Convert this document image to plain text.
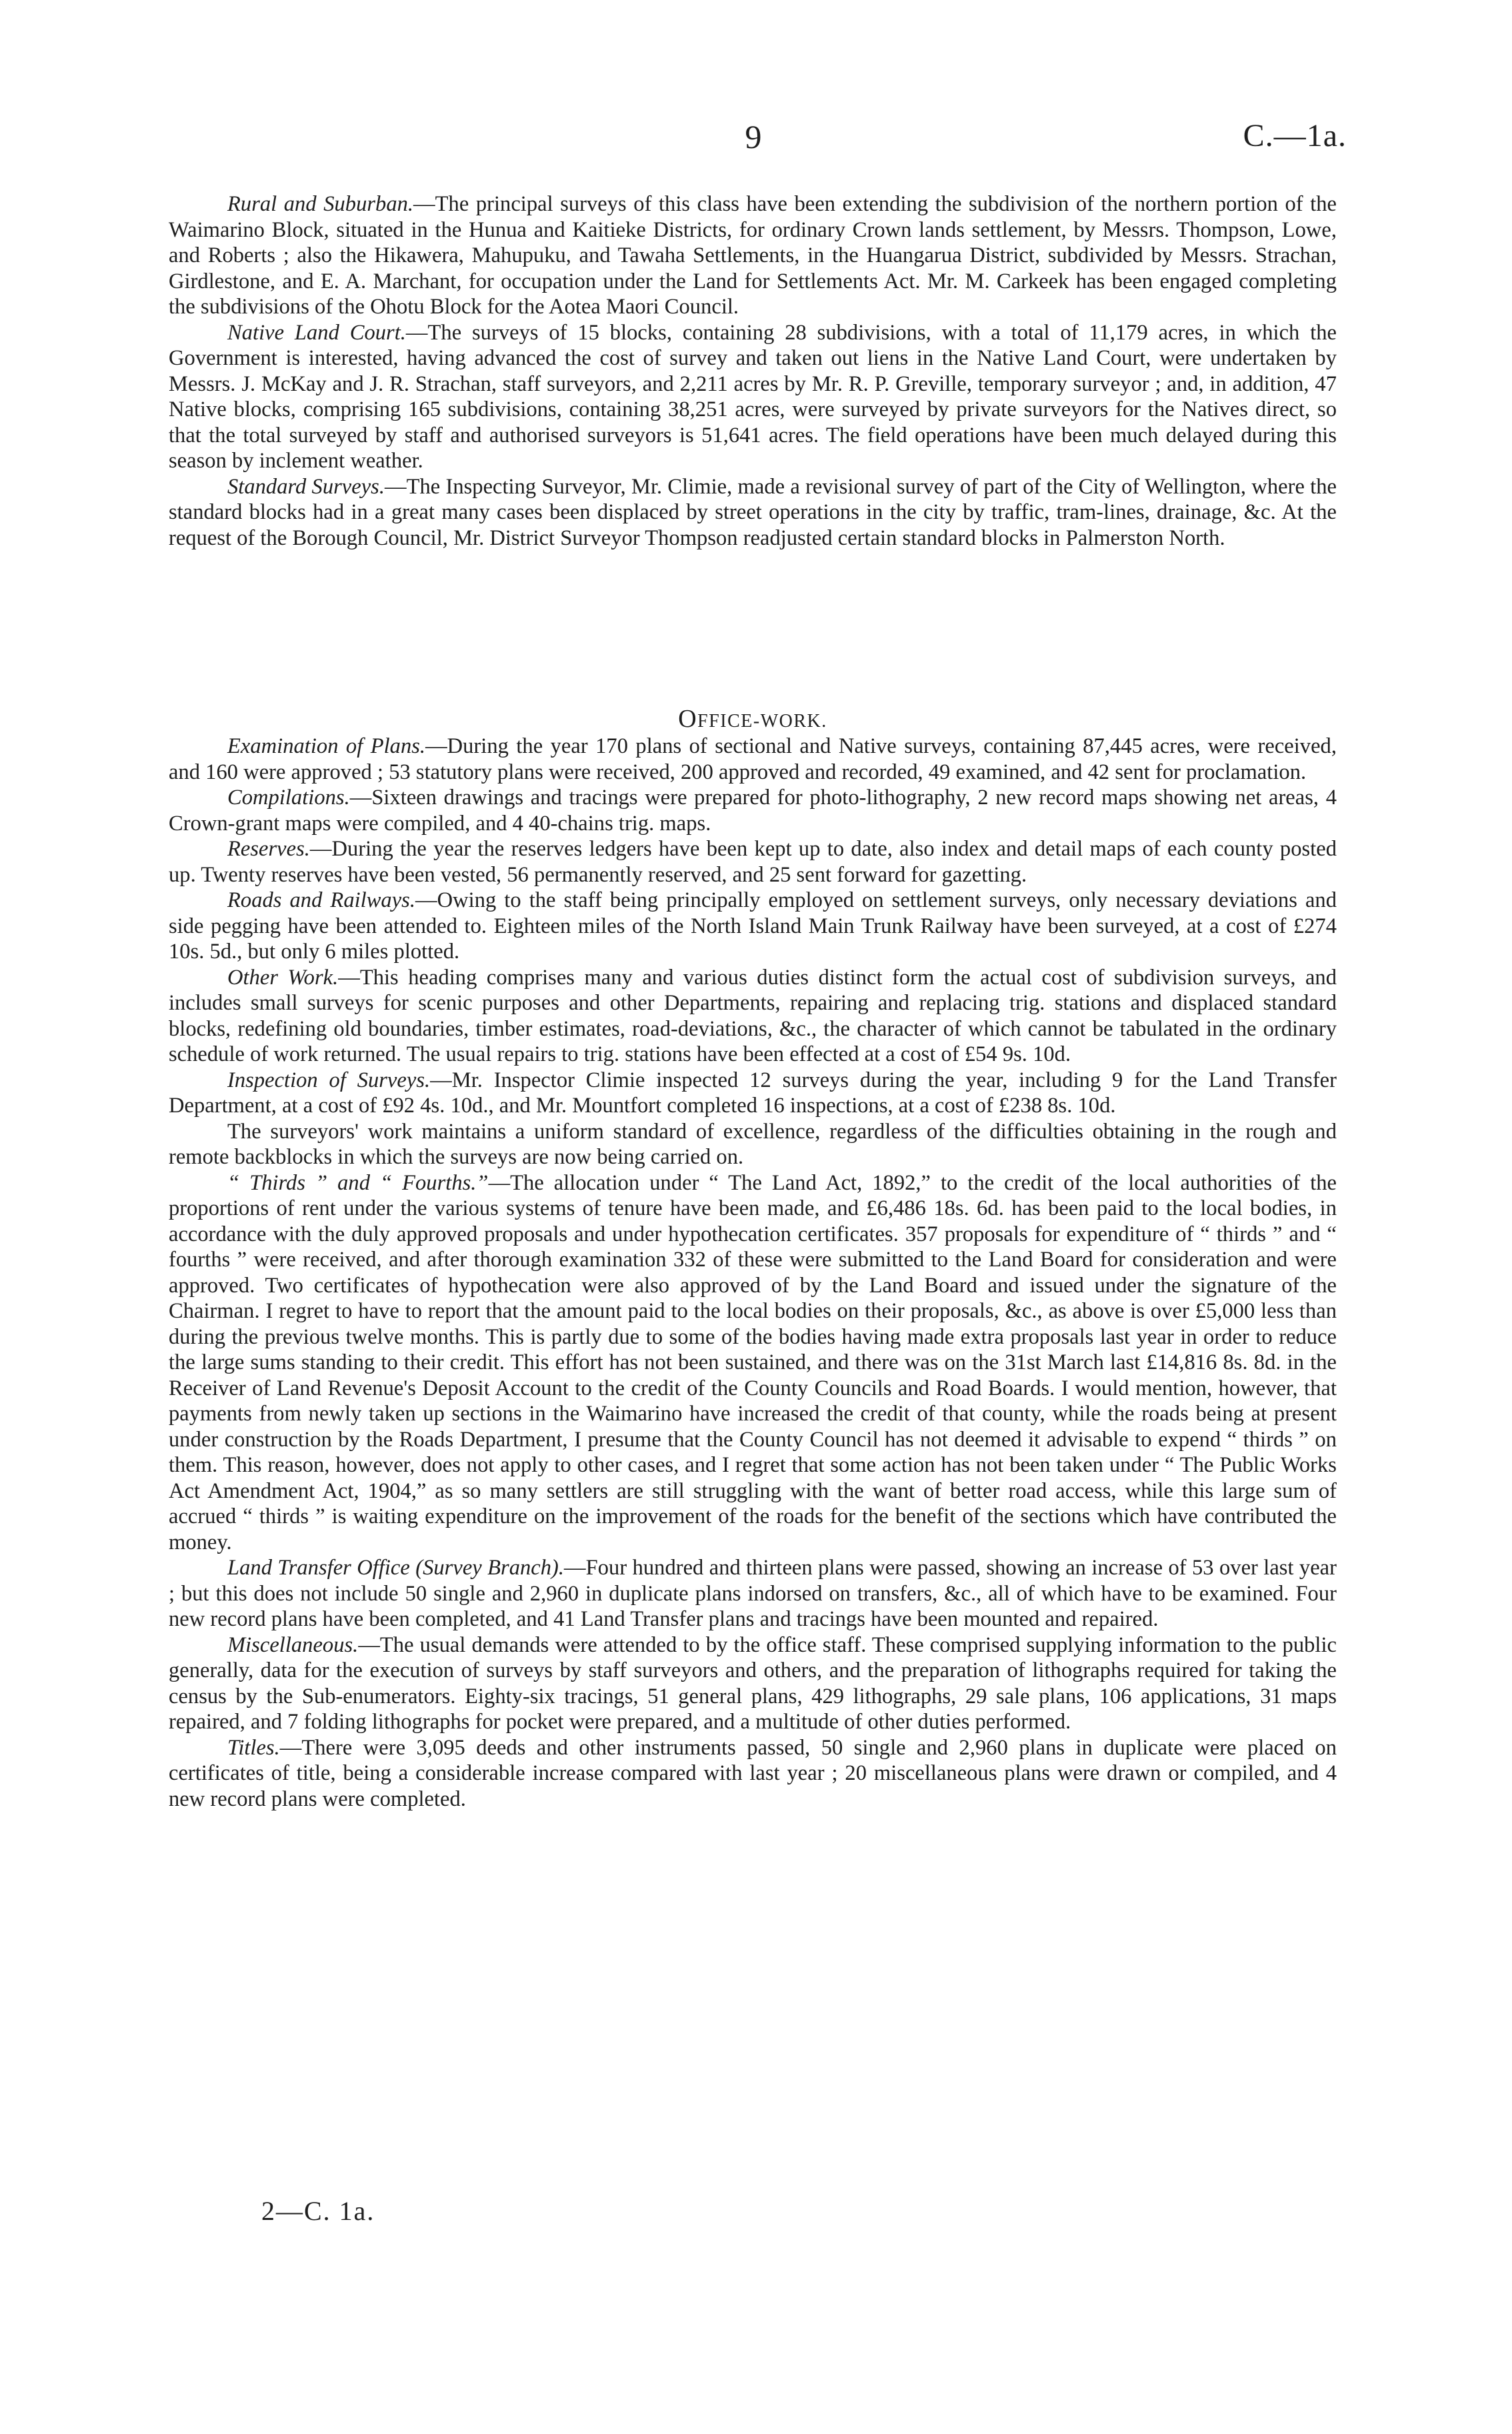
9	C.—1a.

Rural and Suburban.—The principal surveys of this class have been extending the subdivision of the northern portion of the Waimarino Block, situated in the Hunua and Kaitieke Districts, for ordinary Crown lands settlement, by Messrs. Thompson, Lowe, and Roberts ; also the Hikawera, Mahupuku, and Tawaha Settlements, in the Huangarua District, subdivided by Messrs. Strachan, Girdlestone, and E. A. Marchant, for occupation under the Land for Settlements Act. Mr. M. Carkeek has been engaged completing the subdivisions of the Ohotu Block for the Aotea Maori Council.

Native Land Court.—The surveys of 15 blocks, containing 28 subdivisions, with a total of 11,179 acres, in which the Government is interested, having advanced the cost of survey and taken out liens in the Native Land Court, were undertaken by Messrs. J. McKay and J. R. Strachan, staff surveyors, and 2,211 acres by Mr. R. P. Greville, temporary surveyor ; and, in addition, 47 Native blocks, comprising 165 subdivisions, containing 38,251 acres, were surveyed by private surveyors for the Natives direct, so that the total surveyed by staff and authorised surveyors is 51,641 acres. The field operations have been much delayed during this season by inclement weather.

Standard Surveys.—The Inspecting Surveyor, Mr. Climie, made a revisional survey of part of the City of Wellington, where the standard blocks had in a great many cases been displaced by street operations in the city by traffic, tram-lines, drainage, &c. At the request of the Borough Council, Mr. District Surveyor Thompson readjusted certain standard blocks in Palmerston North.

OFFICE-WORK.

Examination of Plans.—During the year 170 plans of sectional and Native surveys, containing 87,445 acres, were received, and 160 were approved ; 53 statutory plans were received, 200 approved and recorded, 49 examined, and 42 sent for proclamation.

Compilations.—Sixteen drawings and tracings were prepared for photo-lithography, 2 new record maps showing net areas, 4 Crown-grant maps were compiled, and 4 40-chains trig. maps.

Reserves.—During the year the reserves ledgers have been kept up to date, also index and detail maps of each county posted up. Twenty reserves have been vested, 56 permanently reserved, and 25 sent forward for gazetting.

Roads and Railways.—Owing to the staff being principally employed on settlement surveys, only necessary deviations and side pegging have been attended to. Eighteen miles of the North Island Main Trunk Railway have been surveyed, at a cost of £274 10s. 5d., but only 6 miles plotted.

Other Work.—This heading comprises many and various duties distinct form the actual cost of subdivision surveys, and includes small surveys for scenic purposes and other Departments, repairing and replacing trig. stations and displaced standard blocks, redefining old boundaries, timber estimates, road-deviations, &c., the character of which cannot be tabulated in the ordinary schedule of work returned. The usual repairs to trig. stations have been effected at a cost of £54 9s. 10d.

Inspection of Surveys.—Mr. Inspector Climie inspected 12 surveys during the year, including 9 for the Land Transfer Department, at a cost of £92 4s. 10d., and Mr. Mountfort completed 16 inspections, at a cost of £238 8s. 10d.

The surveyors' work maintains a uniform standard of excellence, regardless of the difficulties obtaining in the rough and remote backblocks in which the surveys are now being carried on.

“ Thirds ” and “ Fourths.”—The allocation under “ The Land Act, 1892,” to the credit of the local authorities of the proportions of rent under the various systems of tenure have been made, and £6,486 18s. 6d. has been paid to the local bodies, in accordance with the duly approved proposals and under hypothecation certificates. 357 proposals for expenditure of “ thirds ” and “ fourths ” were received, and after thorough examination 332 of these were submitted to the Land Board for consideration and were approved. Two certificates of hypothecation were also approved of by the Land Board and issued under the signature of the Chairman. I regret to have to report that the amount paid to the local bodies on their proposals, &c., as above is over £5,000 less than during the previous twelve months. This is partly due to some of the bodies having made extra proposals last year in order to reduce the large sums standing to their credit. This effort has not been sustained, and there was on the 31st March last £14,816 8s. 8d. in the Receiver of Land Revenue's Deposit Account to the credit of the County Councils and Road Boards. I would mention, however, that payments from newly taken up sections in the Waimarino have increased the credit of that county, while the roads being at present under construction by the Roads Department, I presume that the County Council has not deemed it advisable to expend “ thirds ” on them. This reason, however, does not apply to other cases, and I regret that some action has not been taken under “ The Public Works Act Amendment Act, 1904,” as so many settlers are still struggling with the want of better road access, while this large sum of accrued “ thirds ” is waiting expenditure on the improvement of the roads for the benefit of the sections which have contributed the money.

Land Transfer Office (Survey Branch).—Four hundred and thirteen plans were passed, showing an increase of 53 over last year ; but this does not include 50 single and 2,960 in duplicate plans indorsed on transfers, &c., all of which have to be examined. Four new record plans have been completed, and 41 Land Transfer plans and tracings have been mounted and repaired.

Miscellaneous.—The usual demands were attended to by the office staff. These comprised supplying information to the public generally, data for the execution of surveys by staff surveyors and others, and the preparation of lithographs required for taking the census by the Sub-enumerators. Eighty-six tracings, 51 general plans, 429 lithographs, 29 sale plans, 106 applications, 31 maps repaired, and 7 folding lithographs for pocket were prepared, and a multitude of other duties performed.

Titles.—There were 3,095 deeds and other instruments passed, 50 single and 2,960 plans in duplicate were placed on certificates of title, being a considerable increase compared with last year ; 20 miscellaneous plans were drawn or compiled, and 4 new record plans were completed.

2—C. 1a.
